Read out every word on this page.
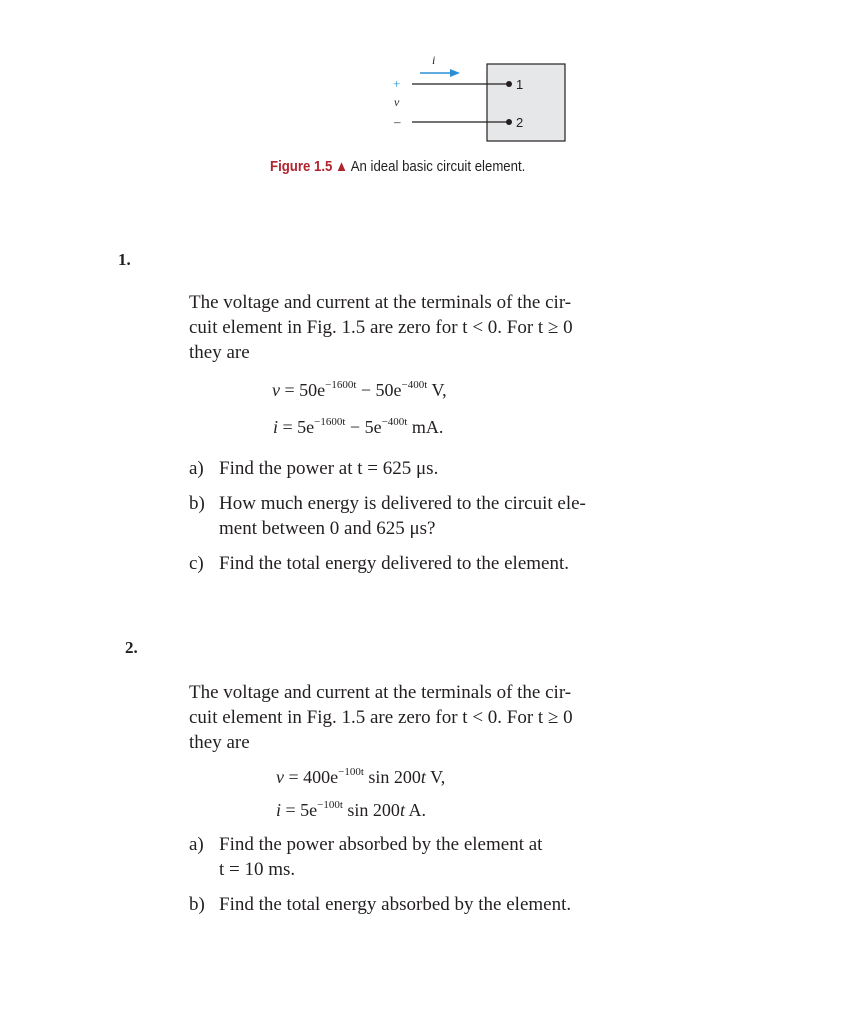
i
+
v
–
1
2
Figure 1.5 ▲ An ideal basic circuit element.
1.
The voltage and current at the terminals of the cir-
cuit element in Fig. 1.5 are zero for t < 0. For t ≥ 0
they are
$v = 50e^{-1600t} - 50e^{-400t}$ V,
$i = 5e^{-1600t} - 5e^{-400t}$ mA.
a) Find the power at t = 625 μs.
b) How much energy is delivered to the circuit ele-
ment between 0 and 625 μs?
c) Find the total energy delivered to the element.
2.
The voltage and current at the terminals of the cir-
cuit element in Fig. 1.5 are zero for t < 0. For t ≥ 0
they are
$v = 400e^{-100t}$ sin 200t V,
$i = 5e^{-100t}$ sin 200t A.
a) Find the power absorbed by the element at
t = 10 ms.
b) Find the total energy absorbed by the element.
